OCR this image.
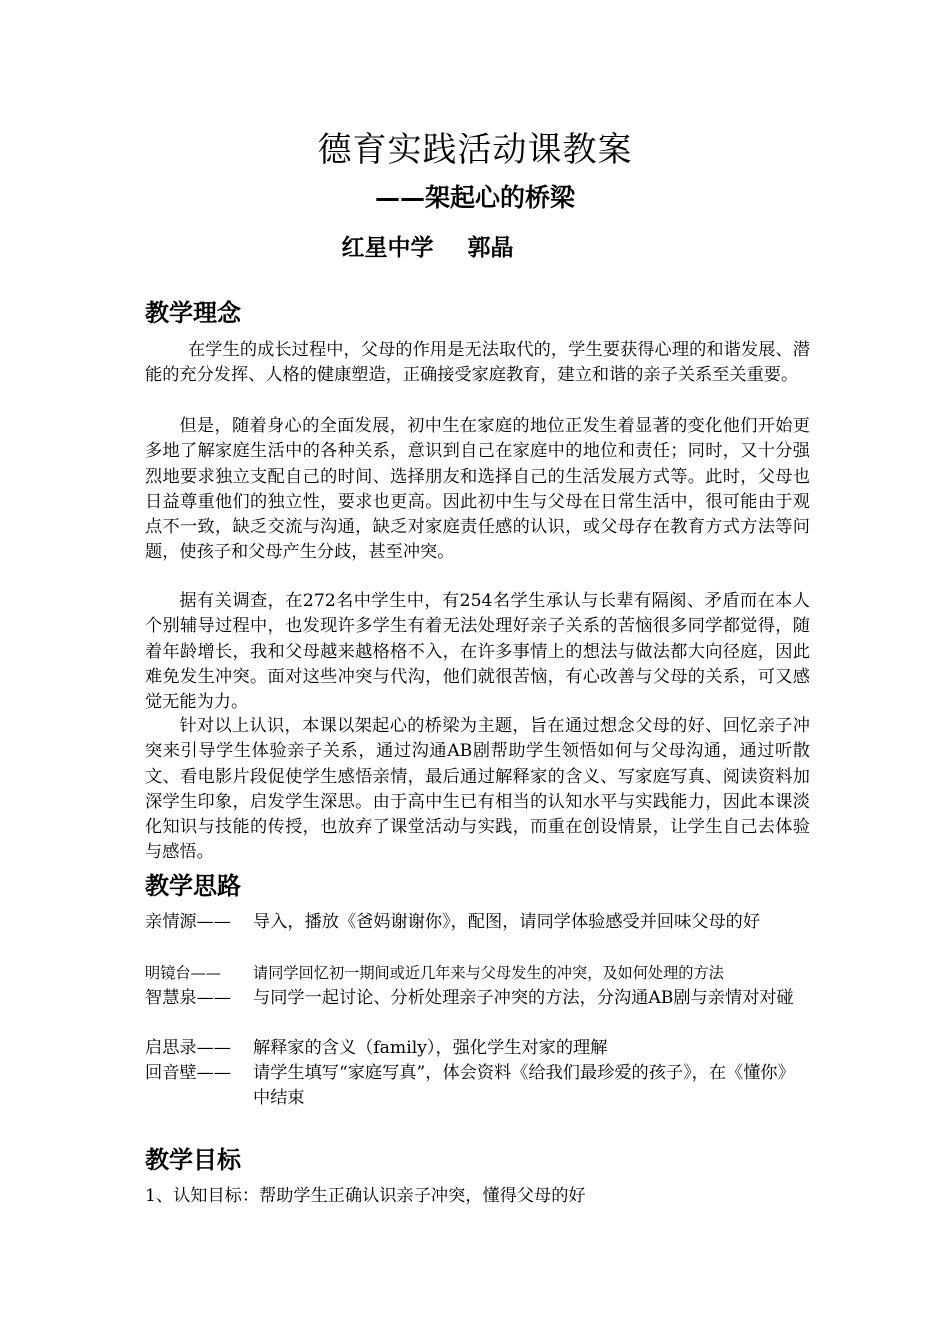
德育实践活动课教案
——架起心的桥梁
红星中学 郭晶
教学理念

在学生的成长过程中，父母的作用是无法取代的，学生要获得心理的和谐发展、潜能的充分发挥、人格的健康塑造，正确接受家庭教育，建立和谐的亲子关系至关重要。

但是，随着身心的全面发展，初中生在家庭的地位正发生着显著的变化他们开始更多地了解家庭生活中的各种关系，意识到自己在家庭中的地位和责任；同时，又十分强烈地要求独立支配自己的时间、选择朋友和选择自己的生活发展方式等。此时，父母也日益尊重他们的独立性，要求也更高。因此初中生与父母在日常生活中，很可能由于观点不一致，缺乏交流与沟通，缺乏对家庭责任感的认识，或父母存在教育方式方法等问题，使孩子和父母产生分歧，甚至冲突。

据有关调查，在272名中学生中，有254名学生承认与长辈有隔阂、矛盾而在本人个别辅导过程中，也发现许多学生有着无法处理好亲子关系的苦恼很多同学都觉得，随着年龄增长，我和父母越来越格格不入，在许多事情上的想法与做法都大向径庭，因此难免发生冲突。面对这些冲突与代沟，他们就很苦恼，有心改善与父母的关系，可又感觉无能为力。

针对以上认识，本课以架起心的桥梁为主题，旨在通过想念父母的好、回忆亲子冲突来引导学生体验亲子关系，通过沟通AB剧帮助学生领悟如何与父母沟通，通过听散文、看电影片段促使学生感悟亲情，最后通过解释家的含义、写家庭写真、阅读资料加深学生印象，启发学生深思。由于高中生已有相当的认知水平与实践能力，因此本课淡化知识与技能的传授，也放弃了课堂活动与实践，而重在创设情景，让学生自己去体验与感悟。

教学思路
亲情源—— 导入，播放《爸妈谢谢你》，配图，请同学体验感受并回味父母的好
明镜台—— 请同学回忆初一期间或近几年来与父母发生的冲突，及如何处理的方法
智慧泉—— 与同学一起讨论、分析处理亲子冲突的方法，分沟通AB剧与亲情对对碰
启思录—— 解释家的含义（family），强化学生对家的理解
回音壁—— 请学生填写“家庭写真”，体会资料《给我们最珍爱的孩子》，在《懂你》中结束
教学目标
1、认知目标：帮助学生正确认识亲子冲突，懂得父母的好
